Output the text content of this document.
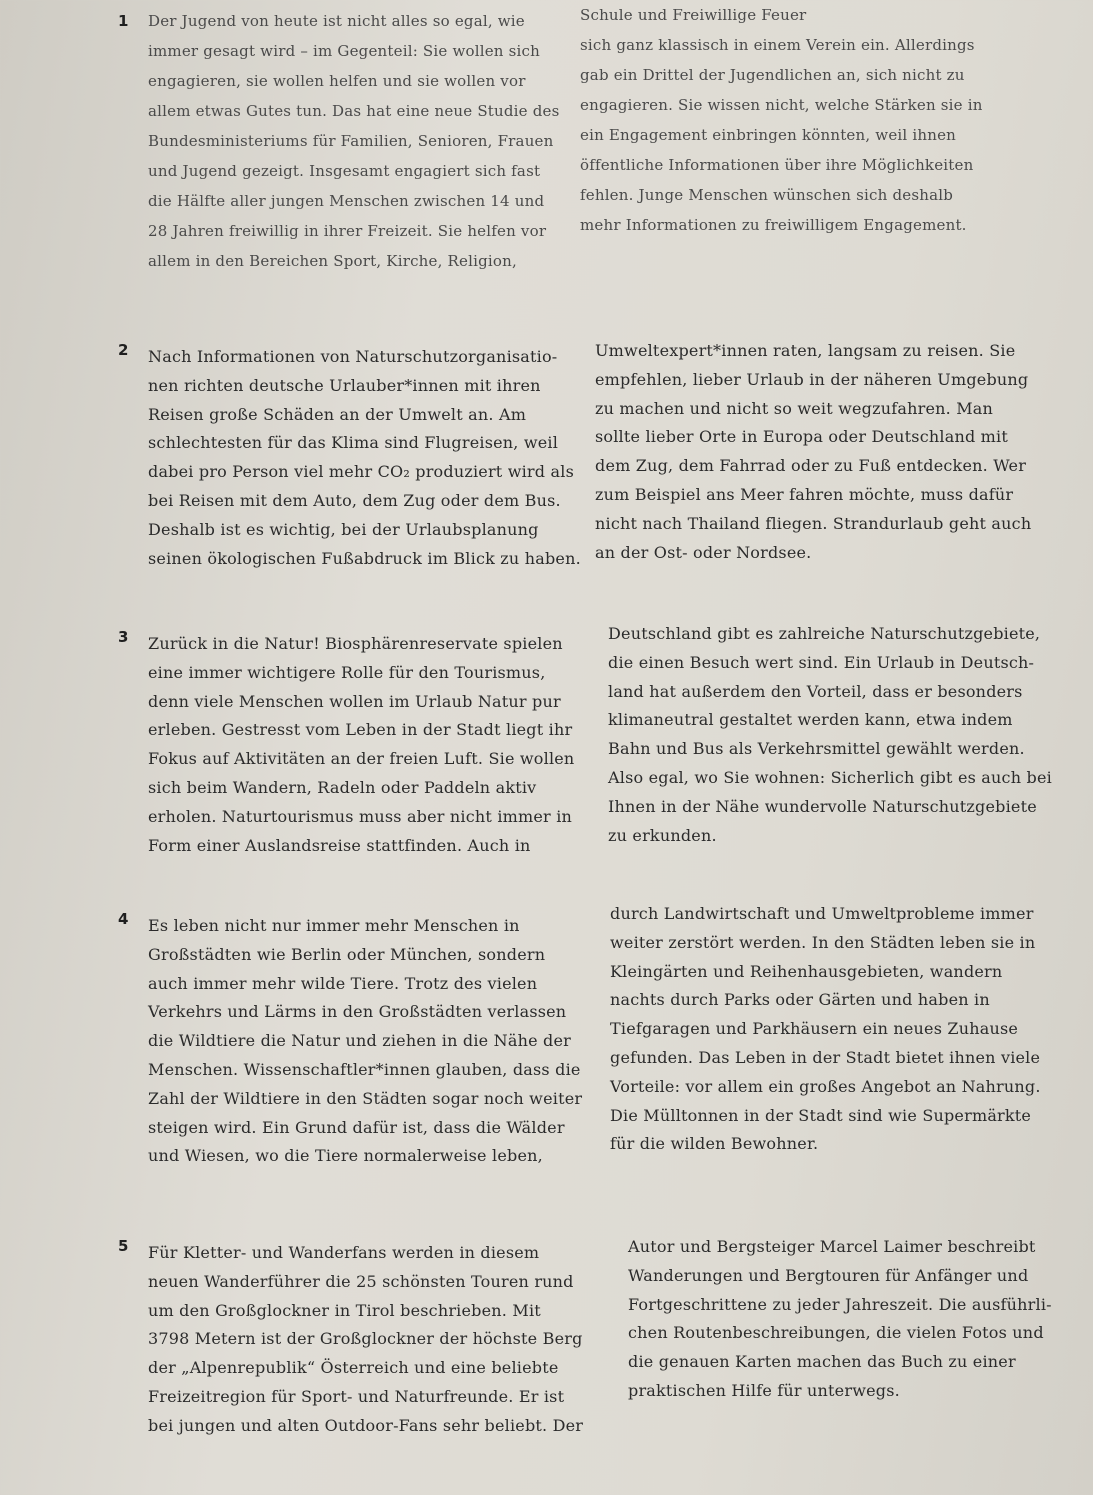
1 Der Jugend von heute ist nicht alles so egal, wie
immer gesagt wird – im Gegenteil: Sie wollen sich
engagieren, sie wollen helfen und sie wollen vor
allem etwas Gutes tun. Das hat eine neue Studie des
Bundesministeriums für Familien, Senioren, Frauen
und Jugend gezeigt. Insgesamt engagiert sich fast
die Hälfte aller jungen Menschen zwischen 14 und
28 Jahren freiwillig in ihrer Freizeit. Sie helfen vor
allem in den Bereichen Sport, Kirche, Religion,
Schule und Freiwillige Feuer
sich ganz klassisch in einem Verein ein. Allerdings
gab ein Drittel der Jugendlichen an, sich nicht zu
engagieren. Sie wissen nicht, welche Stärken sie in
ein Engagement einbringen könnten, weil ihnen
öffentliche Informationen über ihre Möglichkeiten
fehlen. Junge Menschen wünschen sich deshalb
mehr Informationen zu freiwilligem Engagement.
2 Nach Informationen von Naturschutzorganisatio-
nen richten deutsche Urlauber*innen mit ihren
Reisen große Schäden an der Umwelt an. Am
schlechtesten für das Klima sind Flugreisen, weil
dabei pro Person viel mehr CO₂ produziert wird als
bei Reisen mit dem Auto, dem Zug oder dem Bus.
Deshalb ist es wichtig, bei der Urlaubsplanung
seinen ökologischen Fußabdruck im Blick zu haben.
Umweltexpert*innen raten, langsam zu reisen. Sie
empfehlen, lieber Urlaub in der näheren Umgebung
zu machen und nicht so weit wegzufahren. Man
sollte lieber Orte in Europa oder Deutschland mit
dem Zug, dem Fahrrad oder zu Fuß entdecken. Wer
zum Beispiel ans Meer fahren möchte, muss dafür
nicht nach Thailand fliegen. Strandurlaub geht auch
an der Ost- oder Nordsee.
3 Zurück in die Natur! Biosphärenreservate spielen
eine immer wichtigere Rolle für den Tourismus,
denn viele Menschen wollen im Urlaub Natur pur
erleben. Gestresst vom Leben in der Stadt liegt ihr
Fokus auf Aktivitäten an der freien Luft. Sie wollen
sich beim Wandern, Radeln oder Paddeln aktiv
erholen. Naturtourismus muss aber nicht immer in
Form einer Auslandsreise stattfinden. Auch in
Deutschland gibt es zahlreiche Naturschutzgebiete,
die einen Besuch wert sind. Ein Urlaub in Deutsch-
land hat außerdem den Vorteil, dass er besonders
klimaneutral gestaltet werden kann, etwa indem
Bahn und Bus als Verkehrsmittel gewählt werden.
Also egal, wo Sie wohnen: Sicherlich gibt es auch bei
Ihnen in der Nähe wundervolle Naturschutzgebiete
zu erkunden.
4 Es leben nicht nur immer mehr Menschen in
Großstädten wie Berlin oder München, sondern
auch immer mehr wilde Tiere. Trotz des vielen
Verkehrs und Lärms in den Großstädten verlassen
die Wildtiere die Natur und ziehen in die Nähe der
Menschen. Wissenschaftler*innen glauben, dass die
Zahl der Wildtiere in den Städten sogar noch weiter
steigen wird. Ein Grund dafür ist, dass die Wälder
und Wiesen, wo die Tiere normalerweise leben,
durch Landwirtschaft und Umweltprobleme immer
weiter zerstört werden. In den Städten leben sie in
Kleingärten und Reihenhausgebieten, wandern
nachts durch Parks oder Gärten und haben in
Tiefgaragen und Parkhäusern ein neues Zuhause
gefunden. Das Leben in der Stadt bietet ihnen viele
Vorteile: vor allem ein großes Angebot an Nahrung.
Die Mülltonnen in der Stadt sind wie Supermärkte
für die wilden Bewohner.
5 Für Kletter- und Wanderfans werden in diesem
neuen Wanderführer die 25 schönsten Touren rund
um den Großglockner in Tirol beschrieben. Mit
3798 Metern ist der Großglockner der höchste Berg
der „Alpenrepublik“ Österreich und eine beliebte
Freizeitregion für Sport- und Naturfreunde. Er ist
bei jungen und alten Outdoor-Fans sehr beliebt. Der
Autor und Bergsteiger Marcel Laimer beschreibt
Wanderungen und Bergtouren für Anfänger und
Fortgeschrittene zu jeder Jahreszeit. Die ausführli-
chen Routenbeschreibungen, die vielen Fotos und
die genauen Karten machen das Buch zu einer
praktischen Hilfe für unterwegs.
